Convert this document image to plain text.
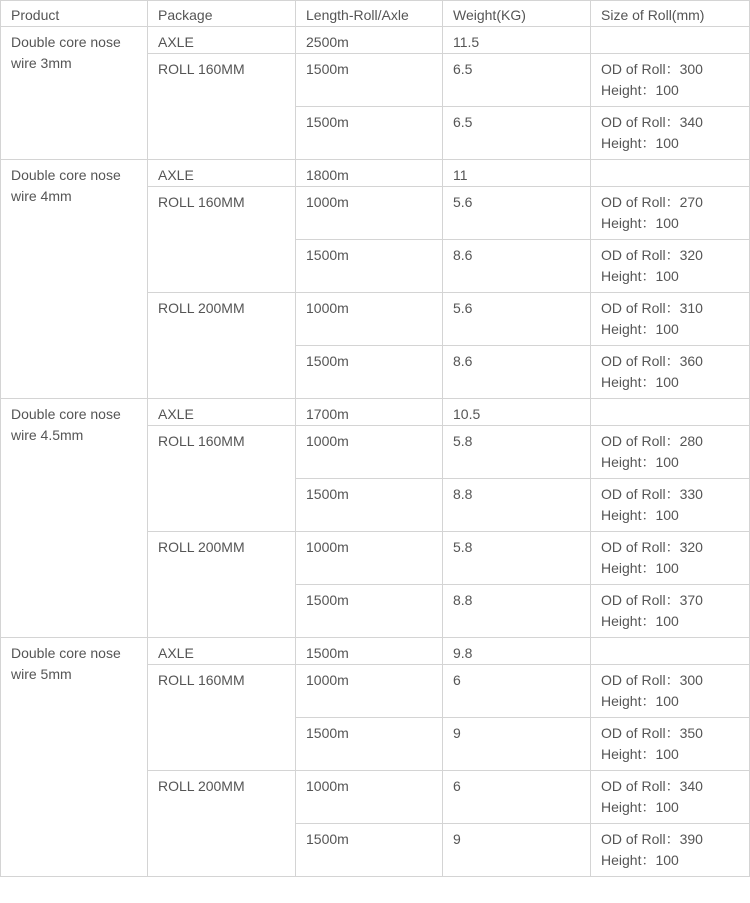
Product	Package	Length-Roll/Axle	Weight(KG)	Size of Roll(mm)
Double core nose wire 3mm	AXLE	2500m	11.5	

	ROLL 160MM	1500m	6.5	OD of Roll：300
Height：100

		1500m	6.5	OD of Roll：340
Height：100

Double core nose wire 4mm	AXLE	1800m	11	

	ROLL 160MM	1000m	5.6	OD of Roll：270
Height：100

		1500m	8.6	OD of Roll：320
Height：100

	ROLL 200MM	1000m	5.6	OD of Roll：310
Height：100

		1500m	8.6	OD of Roll：360
Height：100

Double core nose wire 4.5mm	AXLE	1700m	10.5	

	ROLL 160MM	1000m	5.8	OD of Roll：280
Height：100

		1500m	8.8	OD of Roll：330
Height：100

	ROLL 200MM	1000m	5.8	OD of Roll：320
Height：100

		1500m	8.8	OD of Roll：370
Height：100

Double core nose wire 5mm	AXLE	1500m	9.8	

	ROLL 160MM	1000m	6	OD of Roll：300
Height：100

		1500m	9	OD of Roll：350
Height：100

	ROLL 200MM	1000m	6	OD of Roll：340
Height：100

		1500m	9	OD of Roll：390
Height：100
